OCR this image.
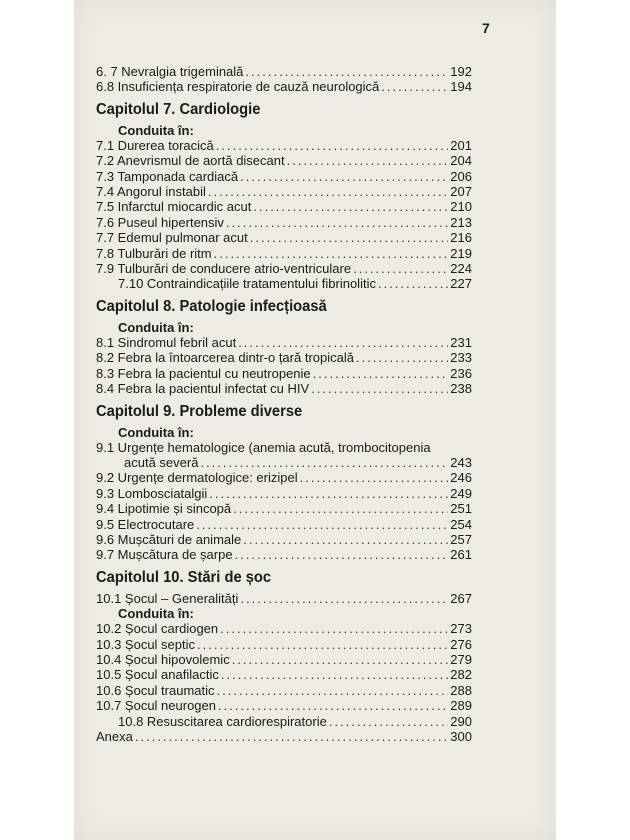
7
6. 7 Nevralgia trigeminală .....	192
6.8 Insuficiența respiratorie de cauză neurologică .....	194
Capitolul 7. Cardiologie
Conduita în:
7.1 Durerea toracică .....	201
7.2 Anevrismul de aortă disecant .....	204
7.3 Tamponada cardiacă .....	206
7.4 Angorul instabil .....	207
7.5 Infarctul miocardic acut .....	210
7.6 Puseul hipertensiv .....	213
7.7 Edemul pulmonar acut .....	216
7.8 Tulburări de ritm .....	219
7.9 Tulburări de conducere atrio-ventriculare .....	224
7.10 Contraindicațiile tratamentului fibrinolitic .....	227
Capitolul 8. Patologie infecțioasă
Conduita în:
8.1 Sindromul febril acut .....	231
8.2 Febra la întoarcerea dintr-o țară tropicală .....	233
8.3 Febra la pacientul cu neutropenie .....	236
8.4 Febra la pacientul infectat cu HIV .....	238
Capitolul 9. Probleme diverse
Conduita în:
9.1 Urgențe hematologice (anemia acută, trombocitopenia
acută severă .....	243
9.2 Urgențe dermatologice: erizipel .....	246
9.3 Lombosciatalgii .....	249
9.4 Lipotimie și sincopă .....	251
9.5 Electrocutare .....	254
9.6 Mușcături de animale .....	257
9.7 Mușcătura de șarpe .....	261
Capitolul 10. Stări de șoc
10.1 Șocul – Generalități .....	267
Conduita în:
10.2 Șocul cardiogen .....	273
10.3 Șocul septic .....	276
10.4 Șocul hipovolemic .....	279
10.5 Șocul anafilactic .....	282
10.6 Șocul traumatic .....	288
10.7 Șocul neurogen .....	289
10.8 Resuscitarea cardiorespiratorie .....	290
Anexa .....	300
